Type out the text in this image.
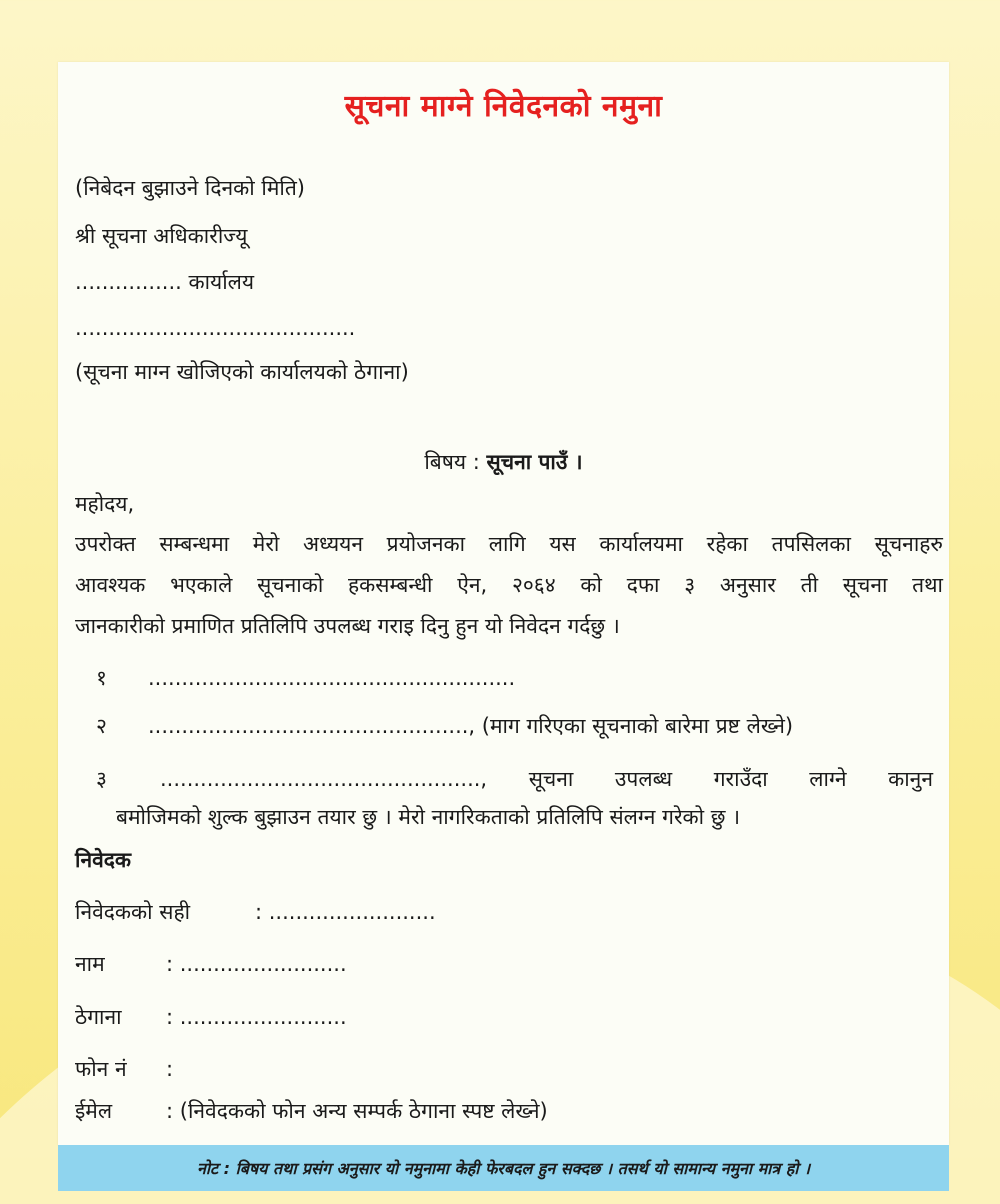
सूचना माग्ने निवेदनको नमुना
(निबेदन बुझाउने दिनको मिति)
श्री सूचना अधिकारीज्यू
................ कार्यालय
..........................................
(सूचना माग्न खोजिएको कार्यालयको ठेगाना)
बिषय : सूचना पाउँ ।
महोदय,
उपरोक्त सम्बन्धमा मेरो अध्ययन प्रयोजनका लागि यस कार्यालयमा रहेका तपसिलका सूचनाहरु
आवश्यक भएकाले सूचनाको हकसम्बन्धी ऐन, २०६४ को दफा ३ अनुसार ती सूचना तथा
जानकारीको प्रमाणित प्रतिलिपि उपलब्ध गराइ दिनु हुन यो निवेदन गर्दछु ।
१ .......................................................
२ ................................................, (माग गरिएका सूचनाको बारेमा प्रष्ट लेख्ने)
३	................................................, सूचना उपलब्ध गराउँदा लाग्ने कानुन
बमोजिमको शुल्क बुझाउन तयार छु । मेरो नागरिकताको प्रतिलिपि संलग्न गरेको छु ।
निवेदक
निवेदकको सही	: .........................
नाम	: .........................
ठेगाना : .........................
फोन नं :
ईमेल	: (निवेदकको फोन अन्य सम्पर्क ठेगाना स्पष्ट लेख्ने)
नोट : बिषय तथा प्रसंग अनुसार यो नमुनामा केही फेरबदल हुन सक्दछ । तसर्थ यो सामान्य नमुना मात्र हो ।
